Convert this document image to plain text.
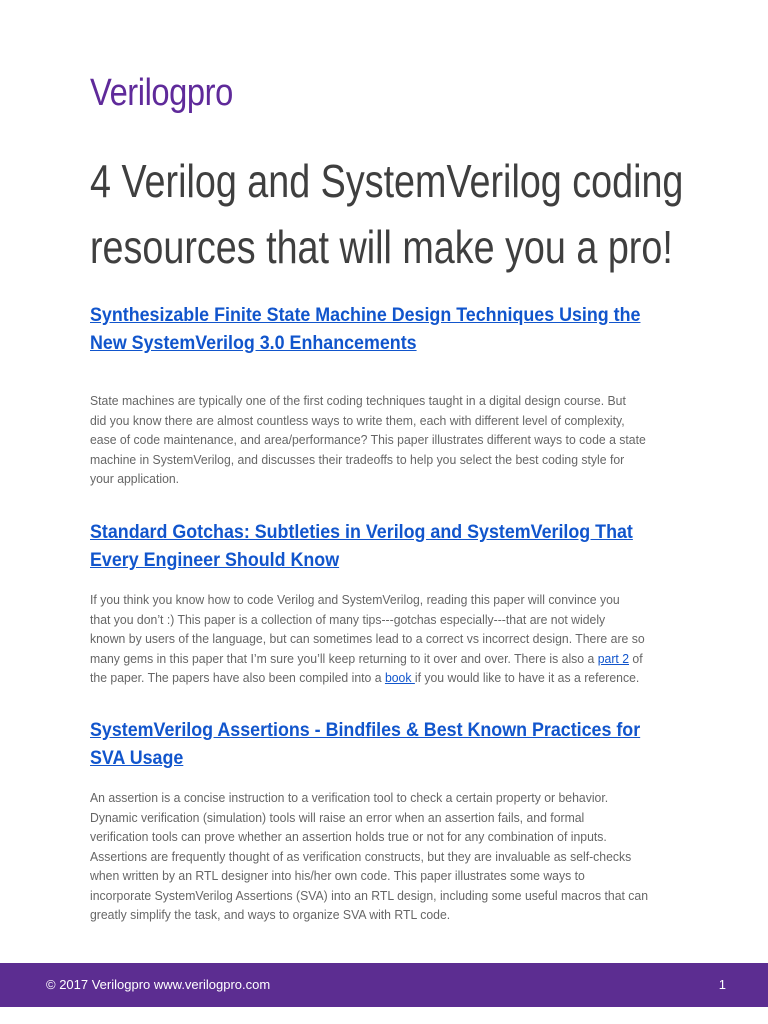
Verilogpro
4 Verilog and SystemVerilog coding
resources that will make you a pro!
Synthesizable Finite State Machine Design Techniques Using the
New SystemVerilog 3.0 Enhancements
State machines are typically one of the first coding techniques taught in a digital design course. But
did you know there are almost countless ways to write them, each with different level of complexity,
ease of code maintenance, and area/performance? This paper illustrates different ways to code a state
machine in SystemVerilog, and discusses their tradeoffs to help you select the best coding style for
your application.
Standard Gotchas: Subtleties in Verilog and SystemVerilog That
Every Engineer Should Know
If you think you know how to code Verilog and SystemVerilog, reading this paper will convince you
that you don’t :) This paper is a collection of many tips---gotchas especially---that are not widely
known by users of the language, but can sometimes lead to a correct vs incorrect design. There are so
many gems in this paper that I’m sure you’ll keep returning to it over and over. There is also a part 2 of
the paper. The papers have also been compiled into a book if you would like to have it as a reference.
SystemVerilog Assertions - Bindfiles & Best Known Practices for
SVA Usage
An assertion is a concise instruction to a verification tool to check a certain property or behavior.
Dynamic verification (simulation) tools will raise an error when an assertion fails, and formal
verification tools can prove whether an assertion holds true or not for any combination of inputs.
Assertions are frequently thought of as verification constructs, but they are invaluable as self-checks
when written by an RTL designer into his/her own code. This paper illustrates some ways to
incorporate SystemVerilog Assertions (SVA) into an RTL design, including some useful macros that can
greatly simplify the task, and ways to organize SVA with RTL code.
© 2017 Verilogpro www.verilogpro.com	1
